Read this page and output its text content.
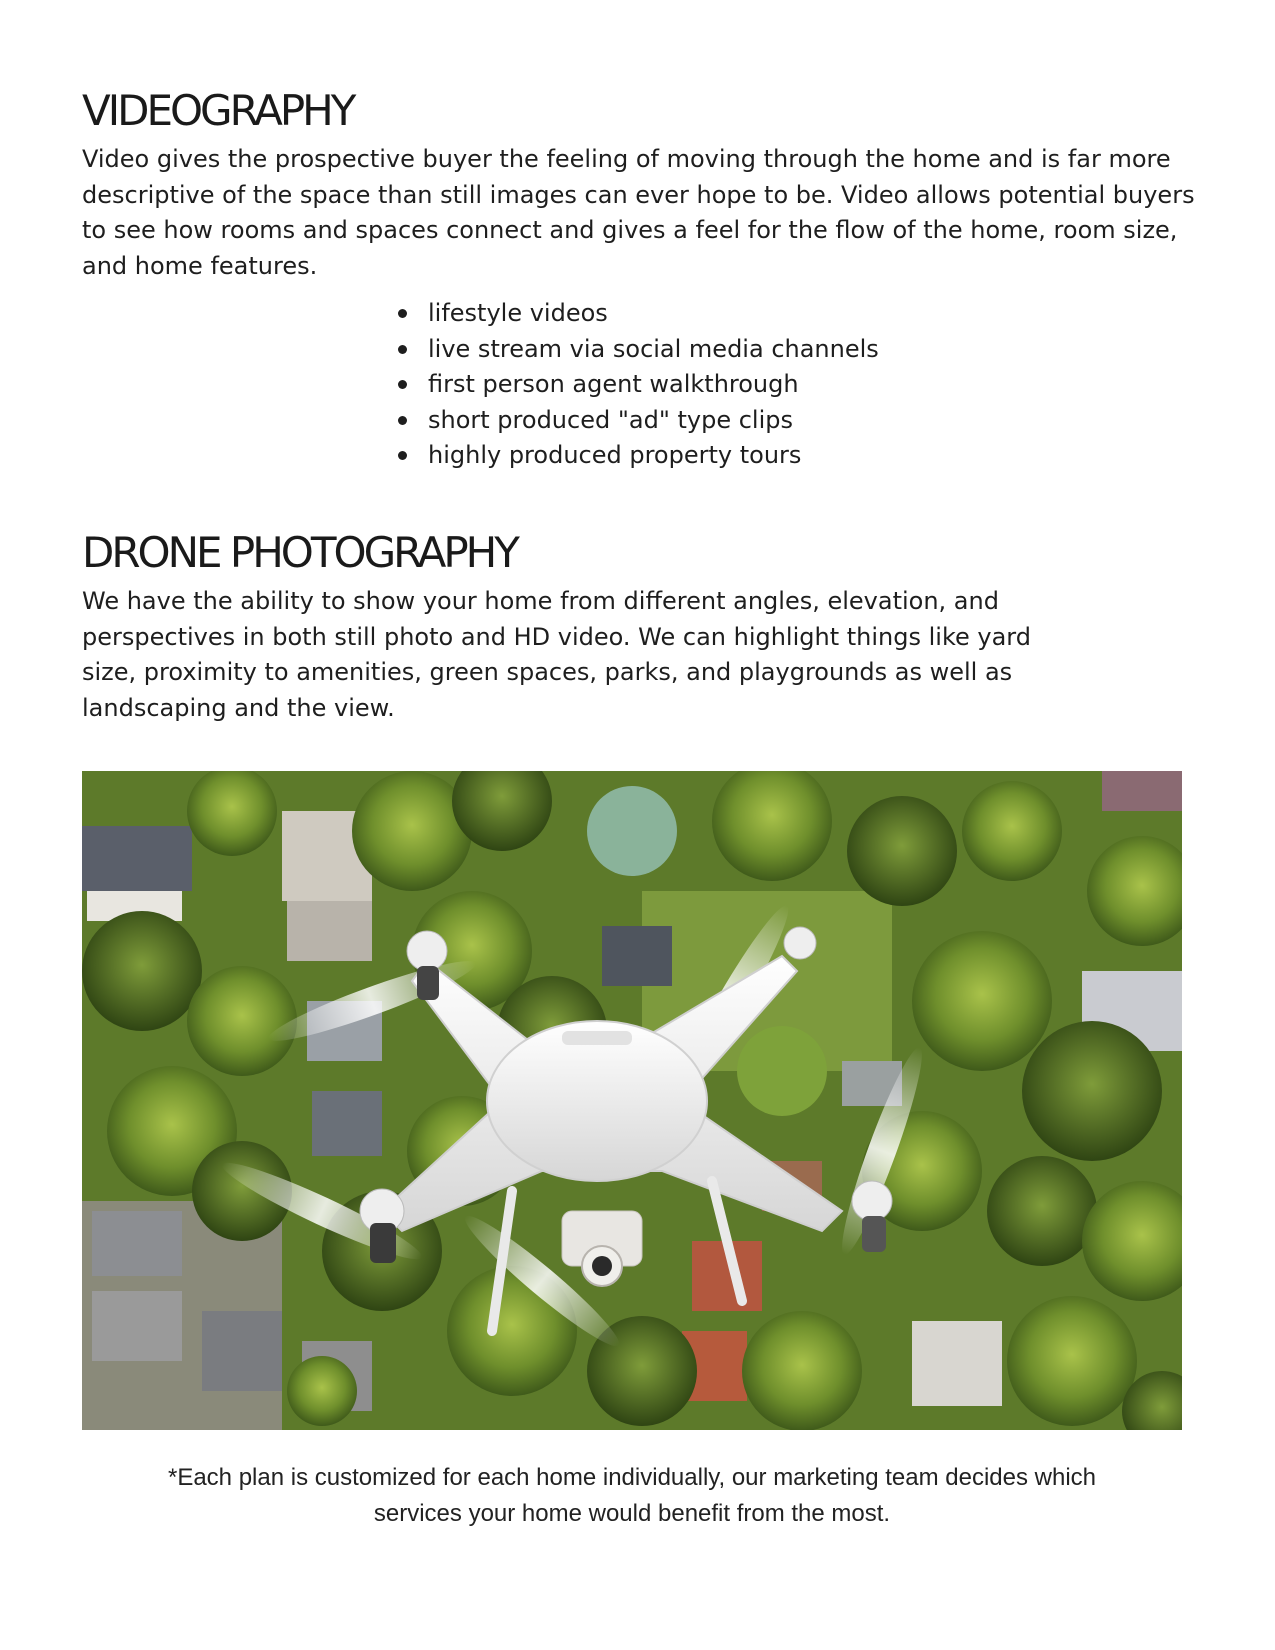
VIDEOGRAPHY

Video gives the prospective buyer the feeling of moving through the home and is far more descriptive of the space than still images can ever hope to be. Video allows potential buyers to see how rooms and spaces connect and gives a feel for the flow of the home, room size, and home features.

lifestyle videos
live stream via social media channels
first person agent walkthrough
short produced "ad" type clips
highly produced property tours
DRONE PHOTOGRAPHY

We have the ability to show your home from different angles, elevation, and perspectives in both still photo and HD video. We can highlight things like yard size, proximity to amenities, green spaces, parks, and playgrounds as well as landscaping and the view.

*Each plan is customized for each home individually, our marketing team decides which
services your home would benefit from the most.
